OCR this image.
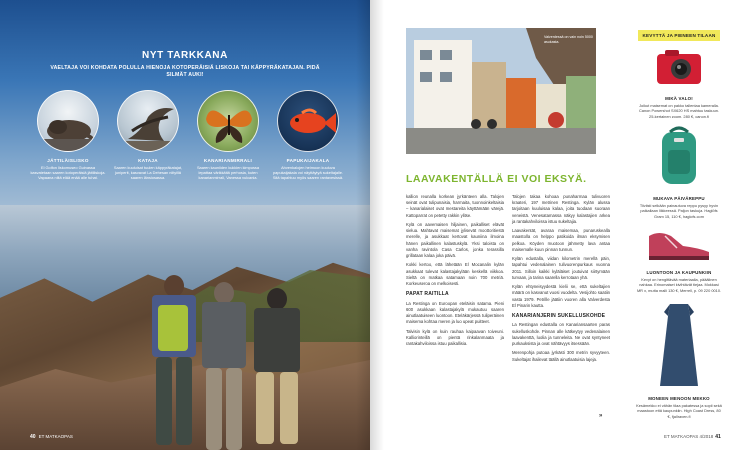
NYT TARKKANA
VAELTAJA VOI KOHDATA POLULLA HIENOJA KOTOPERÄISIÄ LISKOJA TAI KÄPPYRÄKATAJAN. PIDÄ SILMÄT AUKI!
JÄTTILÄISLISKO
El Golfon liskomuseo Guinassa kasvatetaan saaren kotoperäisiä jättiliskoja. Vapaana niitä elää enää alle tuhat.
KATAJA
Saaren kuuluisat tuulen käppyräkatajat, juniperit, kasvavat La Dehesan niityillä saaren länsiosassa.
KANARIANMIRRALI
Saaren kauniiden kukkien kimpussa lepattaa värikkäitä perhosia, kuten kanarianmirrali, Vanessa vulcania.
PAPUKAIJAKALA
Ahvenkalojen heimoon kuuluva papukaijakala voi näyttäytyä sukeltajalle. Sitä tapahtuu myös saaren rantavesissä.
40 ET MATKAOPAS
Valverdessä on vain noin 5000 asukasta.
LAAVAKENTÄLLÄ EI VOI EKSYÄ.

kallion reunalla korkean jyrkänteen alla. Talojen seinät ovat tulipunaisia, harmaita, tuonnoinkeltaisia – kanarialaiset ovat mestareita käyttämään värejä. Kattoparrat on petetty rakkin ylitse.

Kylä on aavemaisen hiljainen, paikalliset elävät sielua. Mahtavat maisemat jylisevät moottoritiestä merelle, ja asukkaat kertovat kauniina ilmoina hänen paikallinen kalastuskylä. Yksi taloista on vanha ravintola Casa Carlos, jonka terassilla grillataan kalaa joka päivä.

Kokki kertoo, että lähetään El Mocanalin kylän asukkaat tulevat kalastajakylään keskellä viikkoa. Sieltä on matkaa satamaan noin 700 metriä. Korkeuseroa on melkoisesti.

PAPAT RAITILLA

La Restinga on Euroopan eteläisin satama. Pieni 600 asukkaan kalastajakylä mukautuu saaren ainutlaatuiseen luontoon. Eteläkärjessä tuliperäinen maisema kohtaa meren ja luo upeat puitteet.

Talvisin kylä on kuin rauhaa kaipaavan toiveuni. Kalliorinteillä on pientä rinkalanmaata ja rantakahviloissa istuu paikallisia.

Talojen takaa kohoaa punaharmaa tulivuoren kraateri, 197 metrinen Restinga. Kylän alussa tarjoitaan kuuluisaa kalaa, joita tuodaan suoraan veneistä. Venesatamassa näkyy kalastajien arkea ja rantakahviloissa istuu sukeltajia.

Laavakentät, avaraa maisemaa, punaruskealla maastolla on helppo patikoida ilman eksymisen pelkoa. Köyden muotoon jähmetty lava antaa maisemalle kuun pinnan tunnun.

Kylän edustalla, viidan kilometrin merellä päin, tapahtui vedenalainen tulivuorenpurkaus vuonna 2011. Silloin kaikki kyläläiset joutuivat siirtymään turvaan, ja tarina saarella kerrotaan yhä.

Kylän ehtyneisyydestä kielii se, että sukeltajien määrä on kasvanut vuosi vuodelta. Vesijohto saatiin vasta 1979. Petrille jäätiin vuoren alla Valverdesta El Pinarin kautta.

KANARIANJERIN SUKELLUSKOHDE

La Restingan edustalla on Kanariansaarten paras sukelluskohde. Pinnan alle kätkeytyy vedenalainen laavakenttä, luolia ja tunneleita. Ne ovat syntyneet purkauksista ja ovat nähtävyys itsessään.

Merenpohja putoaa jyrkästi 300 metrin syvyyteen. Sukeltajat ihailevat täällä ainutlaatuisia lajeja.

»
KEVYTTÄ JA PIENEEN TILAAN
MIKÄ VALO!
Joikut maisemat on pakko tallentaa kameralla. Canon Powershot SX620 HS mahtuu taskuun. 25-kertainen zoom. 280 €, canon.fi
MUKAVA PÄIVÄREPPU
Tiiviisti selkään painautuva reppu pysyy hyvin paikallaan liikkeessä. Paljon taskuja. Haglöfs Gram 15, 110 €, haglofs.com
LUONTOON JA KAUPUNKIIN
Kevyt on hengittävää materiaalia, pääälinen nahkaa. Erinomaiset kivihtävät tiejaa. Mokkasi MR x, mutta malli 130 €, Merrell, p. 09 220 0010.
MONEEN MENOON MEKKO
Kesämekko ei vähän tilaa pakatessa ja sopii sekä maastoon että kaupunkiin. High Coast Dress, 80 €, fjallraven.fi
ET MATKAOPAS 4/2018 41
